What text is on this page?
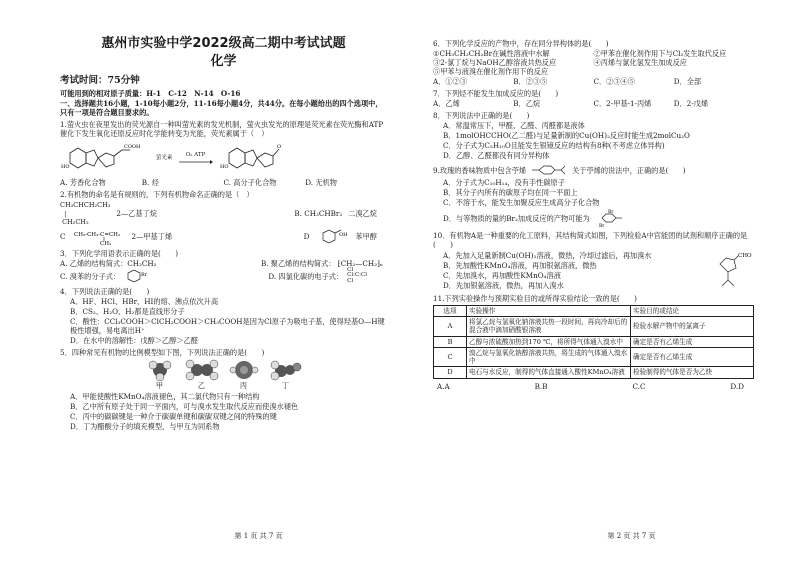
惠州市实验中学2022级高二期中考试试题
化学
考试时间：75分钟
可能用到的相对原子质量：H-1　C-12　N-14　O-16
一、选择题共16小题，1-10每小题2分，11-16每小题4分，共44分。在每小题给出的四个选项中，只有一项是符合题目要求的。
1.萤火虫在夜里发出的荧光源自一种叫萤光素的发光机制，萤火虫发光的原理是荧光素在荧光酶和ATP催化下发生氧化还原反应时化学能转变为光能，荧光素属于（　）
HO
COOH
萤光素	O₂ ATP
HO
O
A. 芳香化合物	B. 烃	C. 高分子化合物	D. 无机物
2.有机物的命名是有规则的，下列有机物命名正确的是（　）
CH₃CHCH₂CH₃
|
CH₂CH₃
2—乙基丁烷	B. CH₃CHBr₂ 二溴乙烷
C CH₃-CH₂-C=CH₂
CH₃
2—甲基丁烯	D	OH 苯甲醇
3．下列化学用语表示正确的是(　　)
A. 乙烯的结构简式：CH₂CH₂	B. 聚乙烯的结构简式： ⁅CH₂—CH₂⁆ₙ
C. 溴苯的分子式：	Br	D. 四氯化碳的电子式：
Cl
Cl:C:Cl
Cl
4．下列说法正确的是(　　)
A．HF、HCl、HBr、HI的熔、沸点依次升高
B．CS₂、H₂O、H₂都是直线形分子
C．酸性：CCl₃COOH＞ClCH₂COOH＞CH₃COOH是因为Cl原子为吸电子基，使得羟基O—H键极性增强，易电离出H⁺
D．在水中的溶解性：戊醇＞乙醇＞乙醛
5．四种常见有机物的比例模型如下图，下列说法正确的是(　　)
甲	乙	丙	丁
A．甲能使酸性KMnO₄溶液褪色，其二氯代物只有一种结构
B．乙中所有原子处于同一平面内，可与溴水发生取代反应而使溴水褪色
C．丙中的碳碳键是一种介于碳碳单键和碳碳双键之间的特殊的键
D．丁为醋酸分子的填充模型，与甲互为同系物
第 1 页 共 7 页
6．下列化学反应的产物中，存在同分异构体的是(　　)
①CH₃CH₂CH₂Br在碱性溶液中水解	②甲苯在催化剂作用下与Cl₂发生取代反应
③2-氯丁烷与NaOH乙醇溶液共热反应	④丙烯与氯化氢发生加成反应
⑤甲苯与液溴在催化剂作用下的反应
A．①②③	B．②③⑤	C．②③④⑤	D．全部
7．下列烃不能发生加成反应的是(　　)
A．乙烯	B．乙烷	C．2-甲基-1-丙烯	D．2-戊烯
8．下列说法中正确的是(　　)
A．常温常压下，甲醛、乙醛、丙醛都是液体
B．1molOHCCHO(乙二醛)与足量新制的Cu(OH)₂反应时能生成2molCu₂O
C．分子式为C₅H₁₀O且能发生银镜反应的结构有8种(不考虑立体异构)
D．乙醇、乙醛都没有同分异构体
9.玫瑰的香味物质中包含苧烯	关于苧烯的说法中，正确的是(　　)
A．分子式为C₁₀H₁₄，没有手性碳原子
B．其分子内所有的碳原子均在同一平面上
C．不溶于水，能发生加聚反应生成高分子化合物
D．与等物质的量的Br₂加成反应的产物可能为
Br
Br
10．有机物A是一种重要的化工原料，其结构简式如图，下列检验A中官能团的试剂和顺序正确的是(　　)
A．先加入足量新制Cu(OH)₂溶液，微热，冷却过滤后，再加溴水
B．先加酸性KMnO₄溶液，再加银氨溶液，微热
C．先加溴水，再加酸性KMnO₄溶液
D．先加银氨溶液，微热，再加入溴水
CHO
11.下列实验操作与预期实验目的或所得实验结论一致的是(　　)
选项	实验操作	实验目的或结论
A	将氯乙烷与氢氧化钠溶液共热一段时间，再向冷却后的混合液中滴加硝酸银溶液	检验水解产物中的氯离子
B	乙醇与浓硫酸加热到170 ℃，将所得气体通入溴水中	确定是否有乙烯生成
C	溴乙烷与氢氧化钠醇溶液共热，将生成的气体通入溴水中	确定是否有乙烯生成
D	电石与水反应，制得的气体直接通入酸性KMnO₄溶液	检验制得的气体是否为乙炔
A.A	B.B	C.C	D.D
第 2 页 共 7 页
